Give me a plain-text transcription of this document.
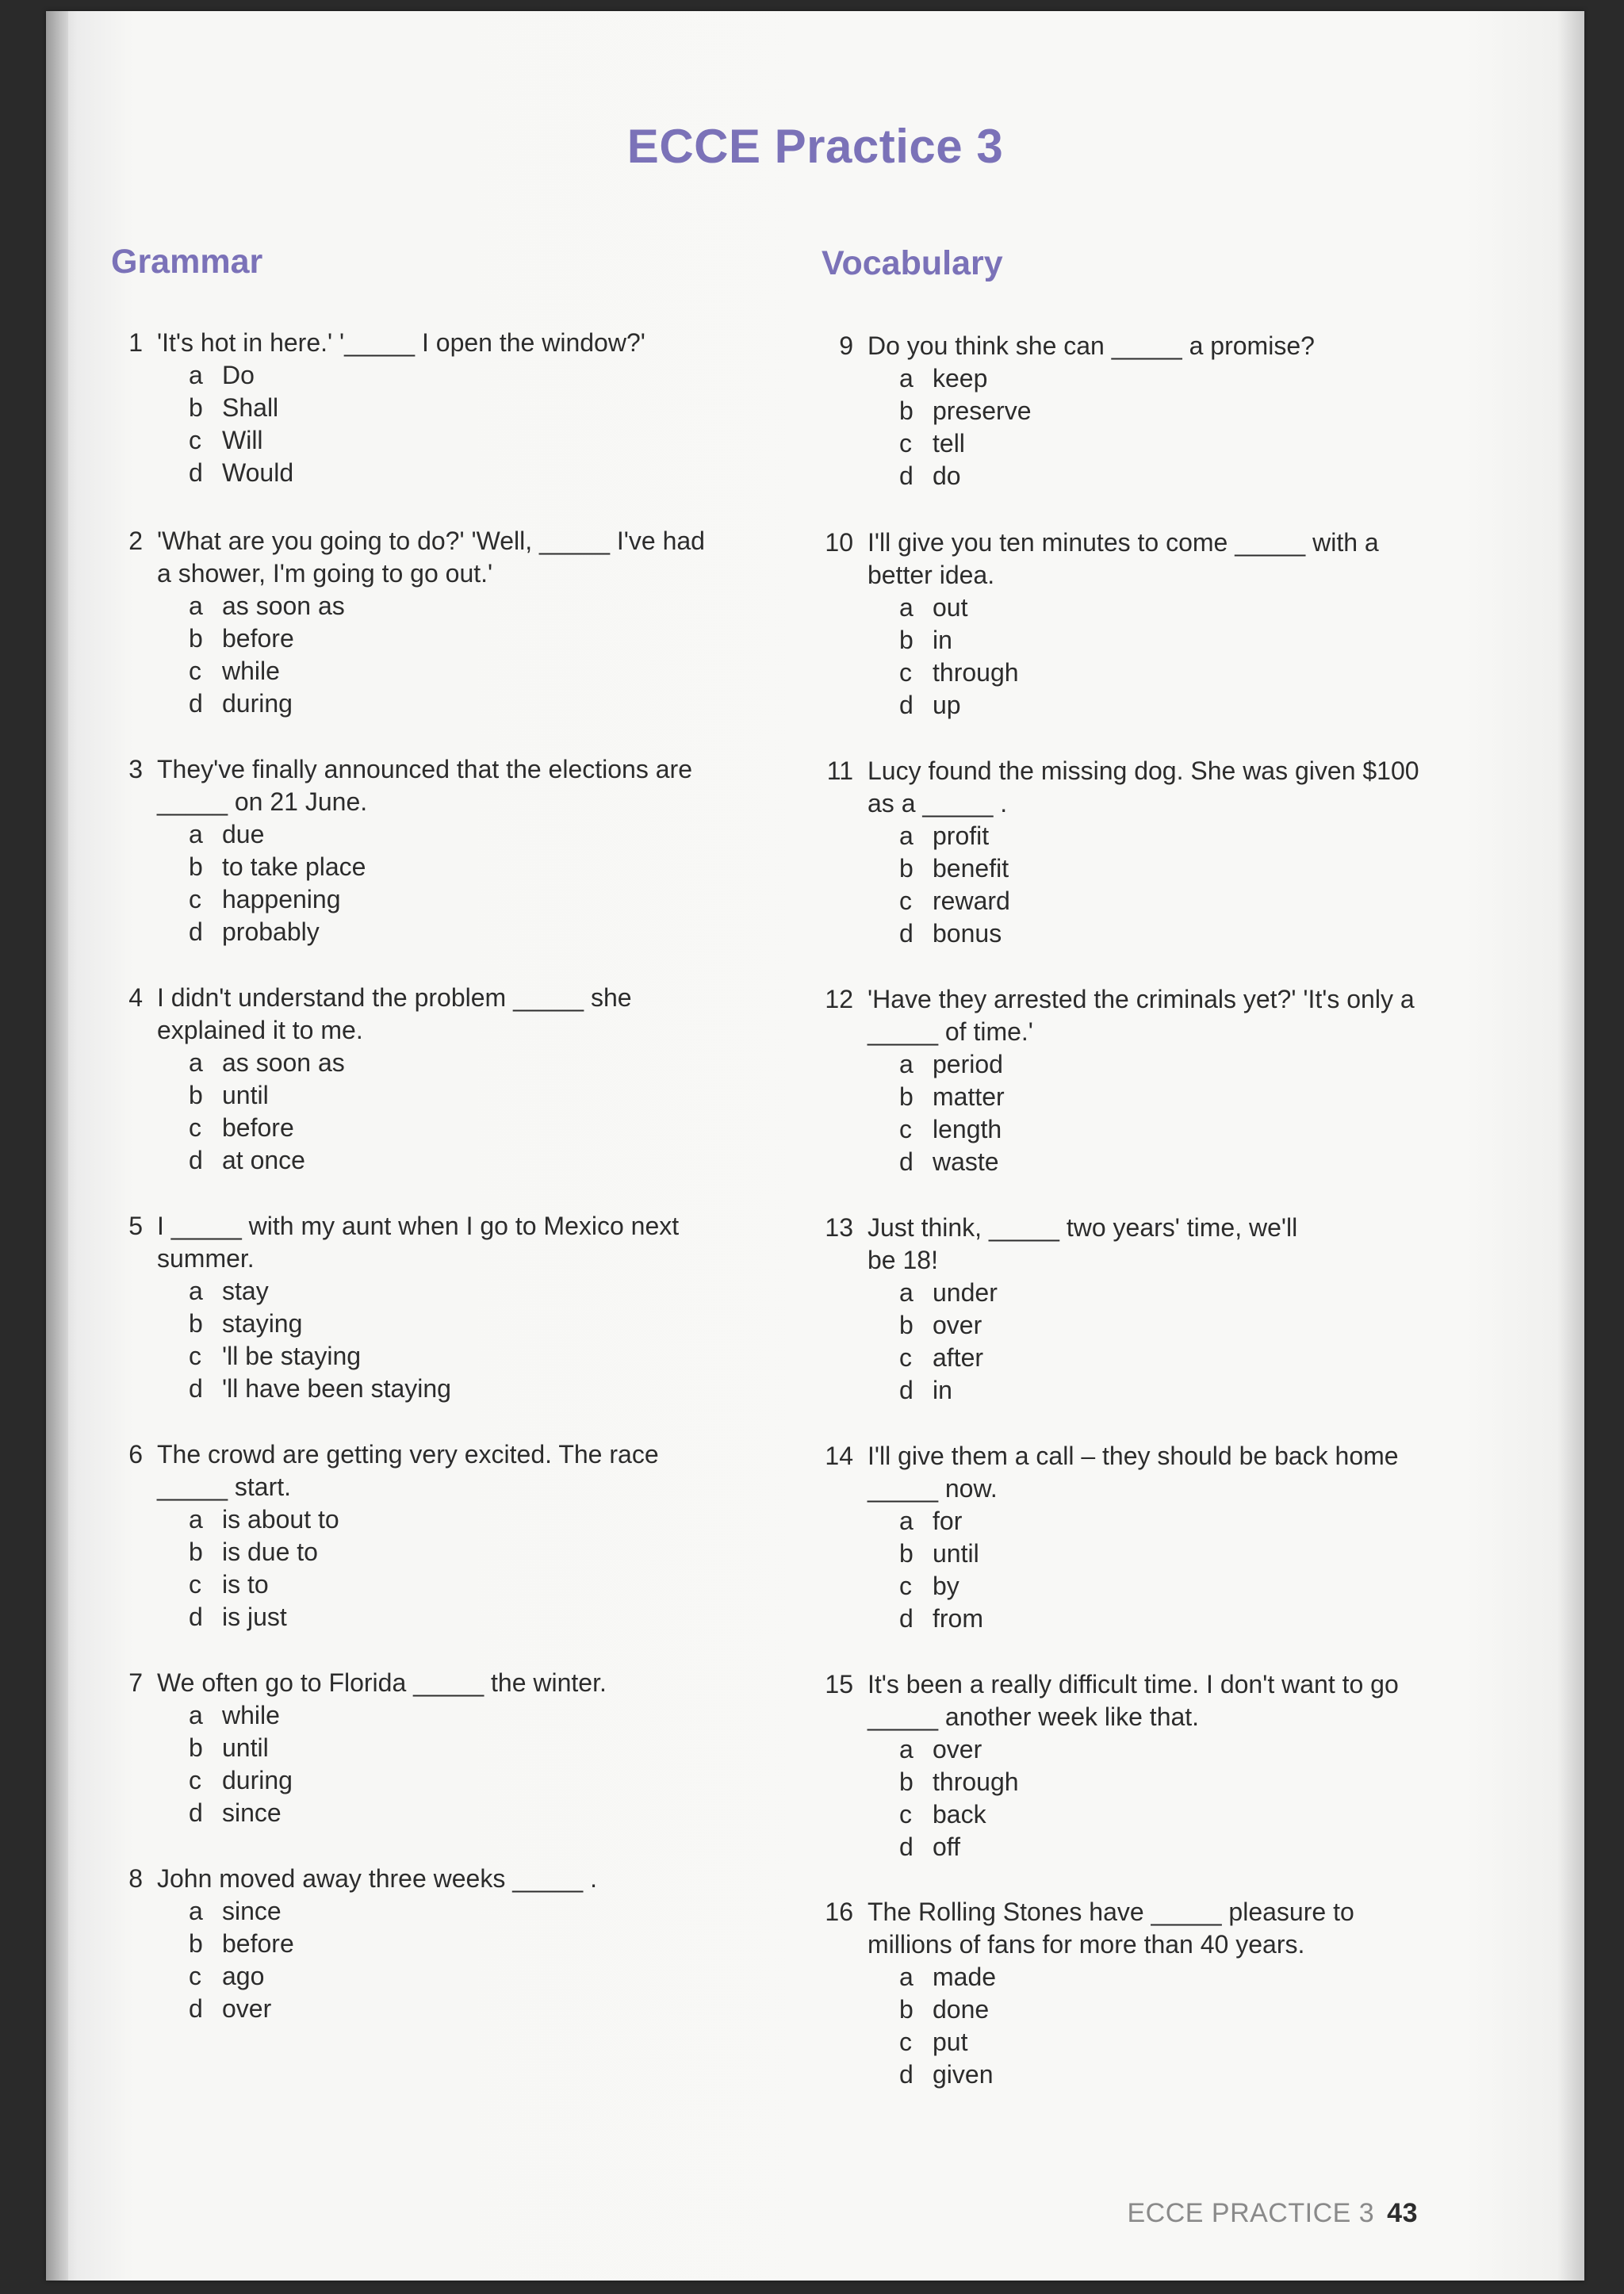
ECCE Practice 3
Grammar	Vocabulary
1 'It's hot in here.' '_____ I open the window?'
a Do
b Shall
c Will
d Would
2 'What are you going to do?' 'Well, _____ I've had
a shower, I'm going to go out.'
a as soon as
b before
c while
d during
3 They've finally announced that the elections are
_____ on 21 June.
a due
b to take place
c happening
d probably
4 I didn't understand the problem _____ she
explained it to me.
a as soon as
b until
c before
d at once
5 I _____ with my aunt when I go to Mexico next
summer.
a stay
b staying
c 'll be staying
d 'll have been staying
6 The crowd are getting very excited. The race
_____ start.
a is about to
b is due to
c is to
d is just
7 We often go to Florida _____ the winter.
a while
b until
c during
d since
8 John moved away three weeks _____ .
a since
b before
c ago
d over
9 Do you think she can _____ a promise?
a keep
b preserve
c tell
d do
10 I'll give you ten minutes to come _____ with a
better idea.
a out
b in
c through
d up
11 Lucy found the missing dog. She was given $100
as a _____ .
a profit
b benefit
c reward
d bonus
12 'Have they arrested the criminals yet?' 'It's only a
_____ of time.'
a period
b matter
c length
d waste
13 Just think, _____ two years' time, we'll
be 18!
a under
b over
c after
d in
14 I'll give them a call – they should be back home
_____ now.
a for
b until
c by
d from
15 It's been a really difficult time. I don't want to go
_____ another week like that.
a over
b through
c back
d off
16 The Rolling Stones have _____ pleasure to
millions of fans for more than 40 years.
a made
b done
c put
d given
ECCE PRACTICE 3 43
